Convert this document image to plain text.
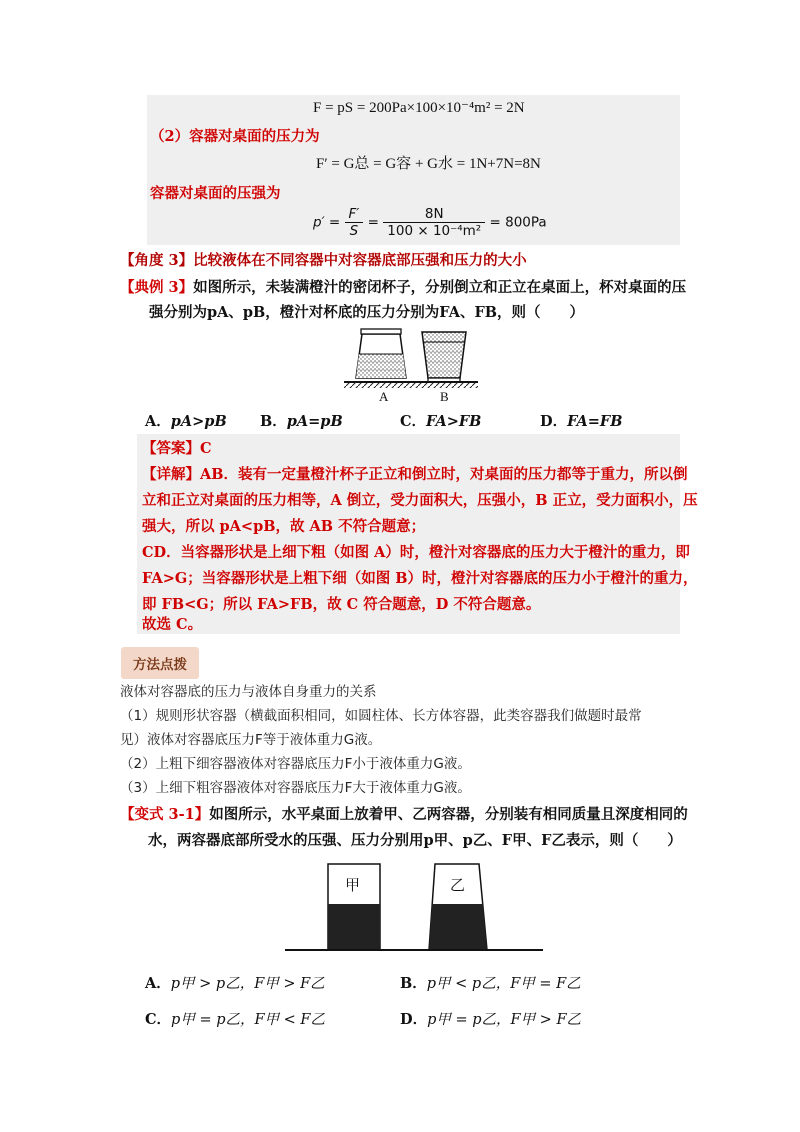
F = pS = 200Pa×100×10⁻⁴m² = 2N
（2）容器对桌面的压力为
F′ = G总 = G容 + G水 = 1N+7N=8N
容器对桌面的压强为
$p' = \frac{F'}{S} = \frac{8N}{\text{100 × 10⁻⁴m²}} = 800Pa$
【角度 3】比较液体在不同容器中对容器底部压强和压力的大小
【典例 3】如图所示，未装满橙汁的密闭杯子，分别倒立和正立在桌面上，杯对桌面的压
强分别为pA、pB，橙汁对杯底的压力分别为FA、FB，则（　　）
A	B
A．pA>pB B．pA=pB	C．FA>FB	D．FA=FB
【答案】C
【详解】AB．装有一定量橙汁杯子正立和倒立时，对桌面的压力都等于重力，所以倒
立和正立对桌面的压力相等，A 倒立，受力面积大，压强小，B 正立，受力面积小，压
强大，所以 pA<pB，故 AB 不符合题意；
CD．当容器形状是上细下粗（如图 A）时，橙汁对容器底的压力大于橙汁的重力，即
FA>G；当容器形状是上粗下细（如图 B）时，橙汁对容器底的压力小于橙汁的重力，
即 FB<G；所以 FA>FB，故 C 符合题意，D 不符合题意。
故选 C。
方法点拨
液体对容器底的压力与液体自身重力的关系
（1）规则形状容器（横截面积相同，如圆柱体、长方体容器，此类容器我们做题时最常
见）液体对容器底压力F等于液体重力G液。
（2）上粗下细容器液体对容器底压力F小于液体重力G液。
（3）上细下粗容器液体对容器底压力F大于液体重力G液。
【变式 3-1】如图所示，水平桌面上放着甲、乙两容器，分别装有相同质量且深度相同的
水，两容器底部所受水的压强、压力分别用p甲、p乙、F甲、F乙表示，则（　　）
甲	乙
A．p甲 > p乙，F甲 > F乙	B．p甲 < p乙，F甲 = F乙
C．p甲 = p乙，F甲 < F乙	D．p甲 = p乙，F甲 > F乙
